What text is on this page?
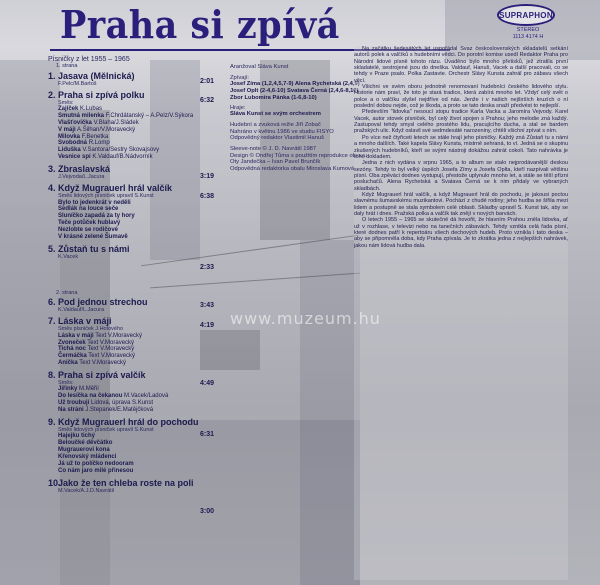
Praha si zpívá	SUPRAPHON
STEREO
1113 4174 H
Písničky z let 1955 – 1965
1. strana
1. Jasava (Mělnická)
F.Pelc/M.Bartoš
2. Praha si zpívá polku
Směs:
Zajíček K.Lubas
Smutná milenka F.Chrdátanský – A.Pelz/V.Sýkora
Vlašťovička V.Blaha/J.Sládek
V máji A.Šilhan/V.Moravecký
Milovka F.Benetka
Svobodná R.Lomp
Liduška V.Santora/Sestry Skovajsovy
Vesnice spí K.Valdauf/B.Nádvorník
3. Zbraslavská
J.Vejvoda/L.Jacura
4. Když Mugrauerl hrál valčík
Směs lidových písniček upravil S.Kunst
Bylo to jedenkrát v neděli
Sedlák na louce seče
Sluníčko zapadá za ty hory
Teče potůček hublavý
Nezlobte se rodičové
V krásné zelené Šumavě
5. Zůstaň tu s námi
K.Vacek
2:01
6:32
3:19
6:38
2:33
2. strana
6. Pod jednou strechou
K.Valdauf/L.Jacura
7. Láska v máji
Směs písniček J.Hotového
Láska v máji Text V.Moravecký
Zvoneček Text V.Moravecký
Tichá noc Text V.Moravecký
Čermáčka Text V.Moravecký
Anička Text V.Moravecký
8. Praha si zpívá valčík
Směs:
Jiřinky M.Měřil
Do lesíčka na čekanou M.Vacek/Ladová
Už troubují Lidová, úprava S.Kunst
Na stráni J.Stepanek/E.Matějčková
9. Když Mugrauerl hrál do pochodu
Směs lidových písniček upravil S.Kunst
Hajejku tichý
Beloučké děvčátko
Mugrauerovi kona
Křenovský mládenci
Já už to políčko nedooram
Co nám jaro milé přinesou
10.Jako že ten chleba roste na poli
M.Vacek/A.J.D.Navrátil
3:43
4:19
4:49
6:31
3:00
Aranžoval Sláva Kunst
Zpívají:
Josef Zíma (1,2,4,5,7-9) Alena Rychetská (2,4,9)
Josef Oplt (2-4,6-10) Svatava Černá (2,4,6-8,10)
Zbor Lubomíra Pánka (1-6,8-10)
Hraje:
Sláva Kunst se svým orchestrem
Hudební a zvuková režie Jiří Zobač
Nahráno v květnu 1986 ve studiu FISYO
Odpovědný redaktor Vlastimil Hanuš
Sleeve-note © J. D. Navrátil 1987
Design © Ondřej Tůma s použitím reprodukce obrazu
Oty Jandečka – Ivan Pavel Brunčík
Odpovědná redaktorka obalu Miroslava Kumová

Na začátku šedesátých let uspořádal Svaz československých skladatelů setkání autorů polek a valčíků s hudebními vědci. Do porotní komise usedl Redaktor Praha pro Národní lidové písně tohoto rázu. Uvaděno bylo mnoho přetisků, jež ztratila první skladatelé, sestrojené jsou do dneška. Valdauf, Hanuš, Vacek a další pracovali, co se tehdy v Praze psalo. Polka Zastavte. Orchestr Slávy Kunsta zahrál pro zábavu všech věcí.

Všichni ve svém oboru jednotně renomovaní hudebníci českého lidového stylu. Historie nám praví, že toto je stará tradice, která zabírá mnoho let. Vždyť celý svět o polce a o valčíku slyšel nejdříve od nás. Jenže i v našich nejširších kruzích o ní poslední dobou nejde, což je škoda, a proto se tato deska snaží předvést to nejlepší.

Především "lidovka" nesoucí stopu tradice Karla Vacka a Jaromíra Vejvody. Karel Vacek, autor stovek písniček, byl celý život spojen s Prahou; jeho melodie zná každý. Zastupoval tehdy smysl celého prostého lidu, pracujícího ducha, a stal se bardem pražských ulic. Když oslavil své sedmdesáté narozeniny, chtěli všichni zpívat s ním.

Po více než čtyřiceti letech se stále hrají jeho písničky. Každý zná Zůstaň tu s námi a mnoho dalších. Také kapela Slávy Kunsta, mistrně sehraná, to ví. Jedná se o skupinu zkušených hudebníků, kteří se svými nástroji dokážou zahrát cokoli. Tato nahrávka je toho dokladem.

Jedna z nich vydána v srpnu 1965, a to album se stalo nejprodávanější deskou sezóny. Tehdy to byl velký úspěch Josefa Zímy a Josefa Oplta, kteří nazpívali většinu písní. Oba zpěváci dodnes vystupují, přestože uplynulo mnoho let, a stále se těší přízni posluchačů. Alena Rychetská a Svatava Černá se k nim přidaly ve vybraných skladbách.

Když Mugrauerl hrál valčík, a když Mugrauerl hrál do pochodu, je jakousi poctou slavnému šumavskému muzikantovi. Pochází z chudé rodiny; jeho hudba se šířila mezi lidem a postupně se stala symbolem celé oblasti. Skladby upravil S. Kunst tak, aby se daly hrát i dnes. Pražská polka a valčík tak znějí v nových barvách.

O letech 1955 – 1965 se skutečně dá hovořit, že hlavním Prahou zněla lidovka, ať už v rozhlase, v televizi nebo na tanečních zábavách. Tehdy vznikla celá řada písní, které dodnes patří k repertoáru všech dechových hudeb. Proto vznikla i tato deska – aby se připomněla doba, kdy Praha zpívala. Je to zkrátka jedna z nejlepších nahrávek, jakou nám lidová hudba dala.

www.muzeum.hu
